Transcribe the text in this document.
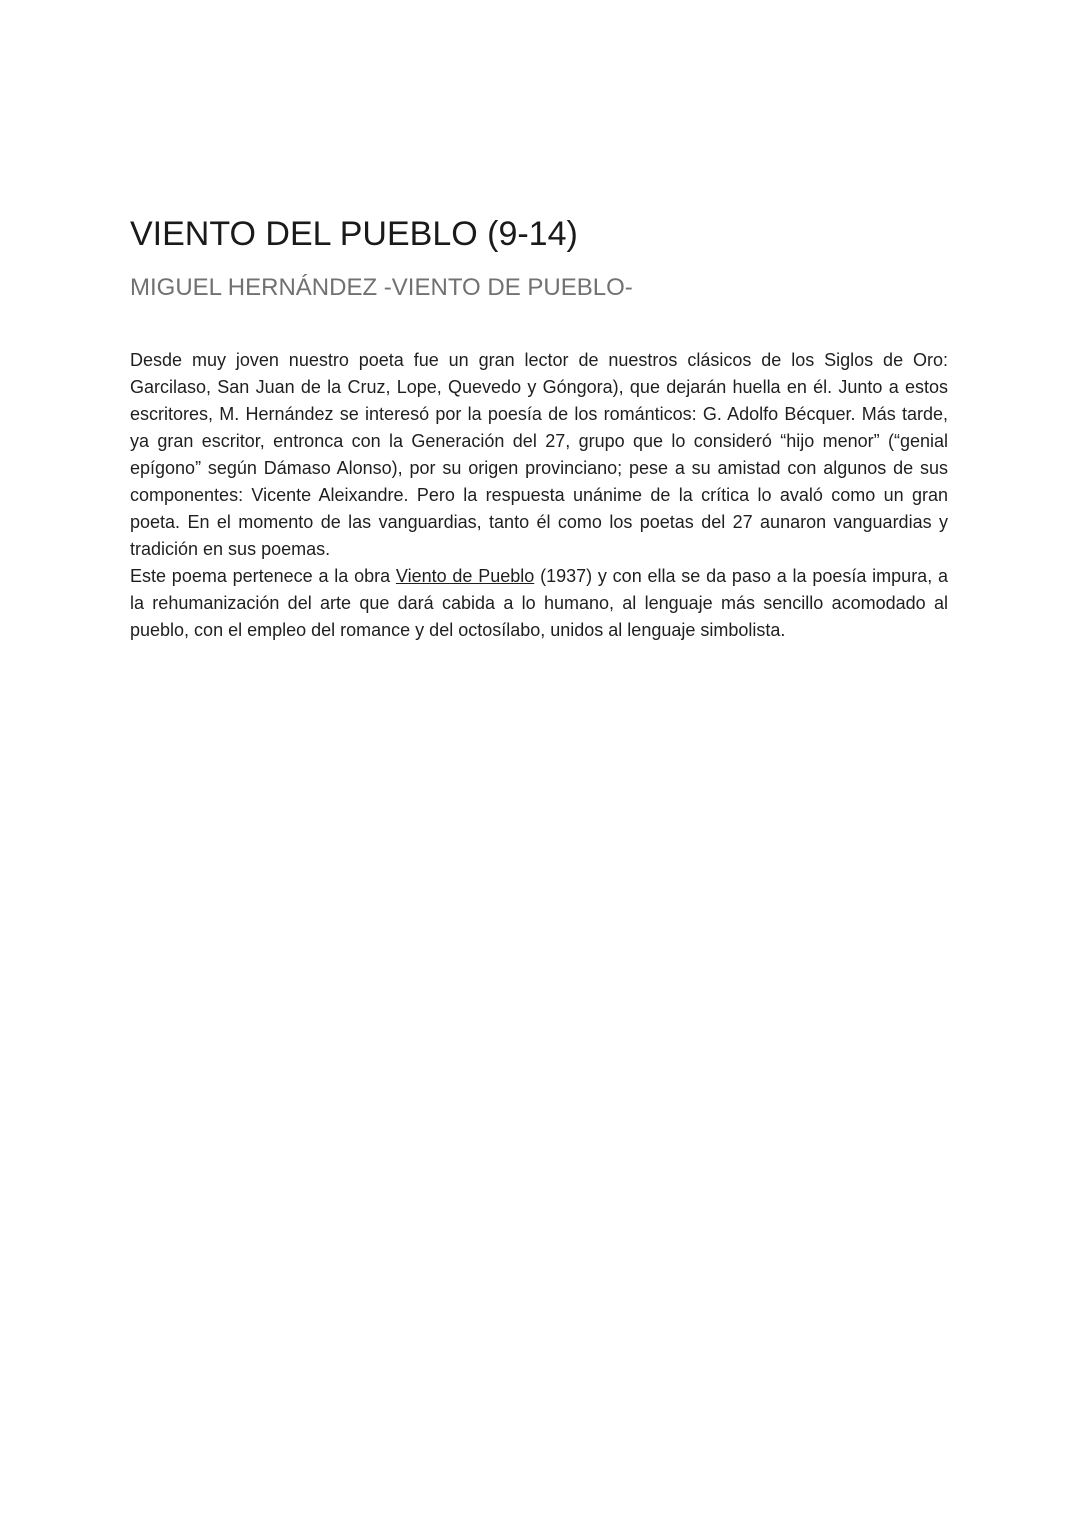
VIENTO DEL PUEBLO (9-14)
MIGUEL HERNÁNDEZ -VIENTO DE PUEBLO-

Desde muy joven nuestro poeta fue un gran lector de nuestros clásicos de los Siglos de Oro: Garcilaso, San Juan de la Cruz, Lope, Quevedo y Góngora), que dejarán huella en él. Junto a estos escritores, M. Hernández se interesó por la poesía de los románticos: G. Adolfo Bécquer. Más tarde, ya gran escritor, entronca con la Generación del 27, grupo que lo consideró “hijo menor” (“genial epígono” según Dámaso Alonso), por su origen provinciano; pese a su amistad con algunos de sus componentes: Vicente Aleixandre. Pero la respuesta unánime de la crítica lo avaló como un gran poeta. En el momento de las vanguardias, tanto él como los poetas del 27 aunaron vanguardias y tradición en sus poemas.

Este poema pertenece a la obra Viento de Pueblo (1937) y con ella se da paso a la poesía impura, a la rehumanización del arte que dará cabida a lo humano, al lenguaje más sencillo acomodado al pueblo, con el empleo del romance y del octosílabo, unidos al lenguaje simbolista.
